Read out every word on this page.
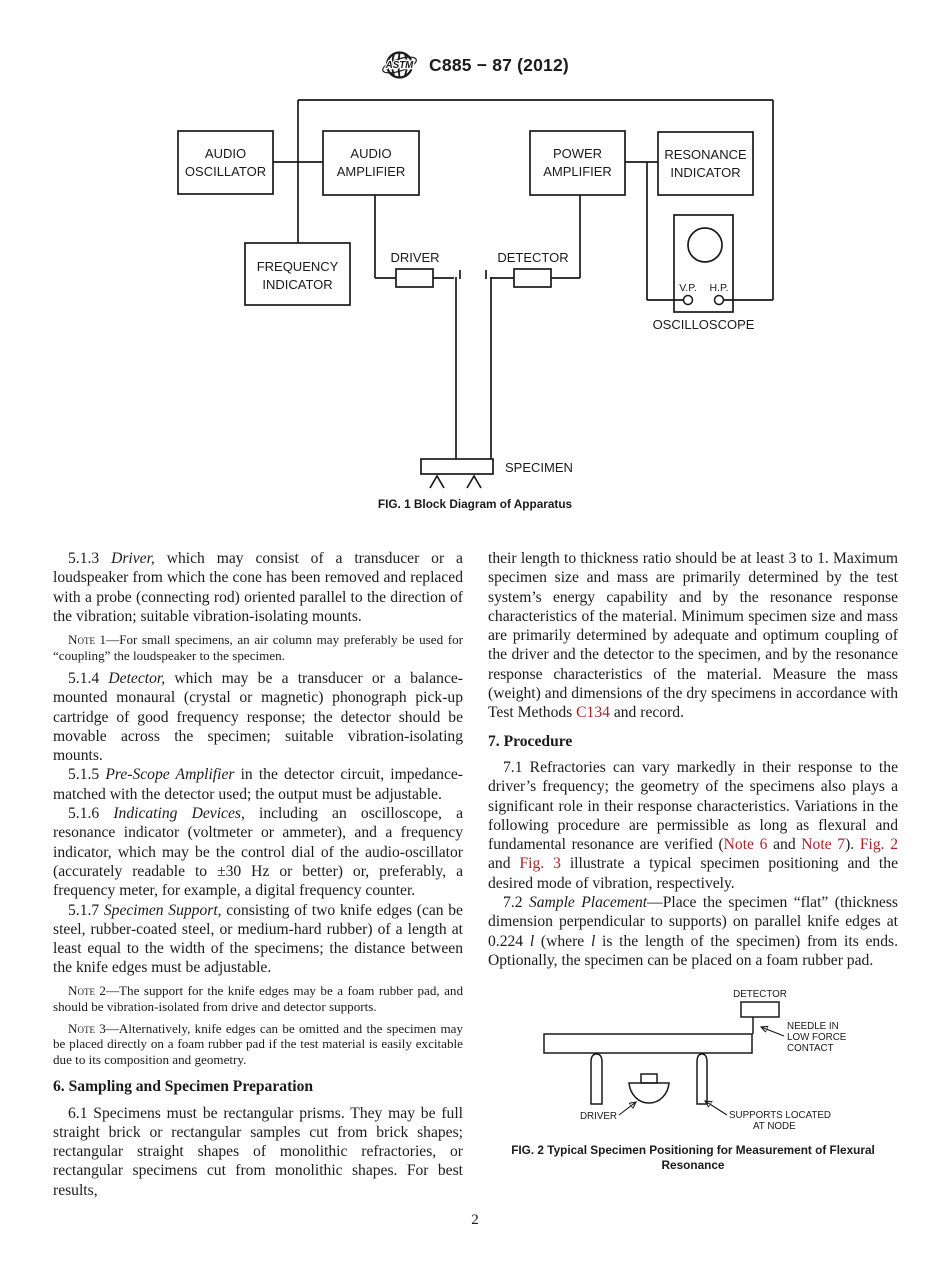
ASTM C885 − 87 (2012)
AUDIO
OSCILLATOR
AUDIO
AMPLIFIER
POWER
AMPLIFIER
RESONANCE
INDICATOR
FREQUENCY
INDICATOR
DRIVER	DETECTOR
V.P. H.P.
OSCILLOSCOPE
SPECIMEN
FIG. 1 Block Diagram of Apparatus

5.1.3 Driver, which may consist of a transducer or a loudspeaker from which the cone has been removed and replaced with a probe (connecting rod) oriented parallel to the direction of the vibration; suitable vibration-isolating mounts.

Note 1—For small specimens, an air column may preferably be used for “coupling” the loudspeaker to the specimen.

5.1.4 Detector, which may be a transducer or a balance-mounted monaural (crystal or magnetic) phonograph pick-up cartridge of good frequency response; the detector should be movable across the specimen; suitable vibration-isolating mounts.

5.1.5 Pre-Scope Amplifier in the detector circuit, impedance-matched with the detector used; the output must be adjustable.

5.1.6 Indicating Devices, including an oscilloscope, a resonance indicator (voltmeter or ammeter), and a frequency indicator, which may be the control dial of the audio-oscillator (accurately readable to ±30 Hz or better) or, preferably, a frequency meter, for example, a digital frequency counter.

5.1.7 Specimen Support, consisting of two knife edges (can be steel, rubber-coated steel, or medium-hard rubber) of a length at least equal to the width of the specimens; the distance between the knife edges must be adjustable.

Note 2—The support for the knife edges may be a foam rubber pad, and should be vibration-isolated from drive and detector supports.

Note 3—Alternatively, knife edges can be omitted and the specimen may be placed directly on a foam rubber pad if the test material is easily excitable due to its composition and geometry.

6. Sampling and Specimen Preparation

6.1 Specimens must be rectangular prisms. They may be full straight brick or rectangular samples cut from brick shapes; rectangular straight shapes of monolithic refractories, or rectangular specimens cut from monolithic shapes. For best results,

their length to thickness ratio should be at least 3 to 1. Maximum specimen size and mass are primarily determined by the test system’s energy capability and by the resonance response characteristics of the material. Minimum specimen size and mass are primarily determined by adequate and optimum coupling of the driver and the detector to the specimen, and by the resonance response characteristics of the material. Measure the mass (weight) and dimensions of the dry specimens in accordance with Test Methods C134 and record.

7. Procedure

7.1 Refractories can vary markedly in their response to the driver’s frequency; the geometry of the specimens also plays a significant role in their response characteristics. Variations in the following procedure are permissible as long as flexural and fundamental resonance are verified (Note 6 and Note 7). Fig. 2 and Fig. 3 illustrate a typical specimen positioning and the desired mode of vibration, respectively.

7.2 Sample Placement—Place the specimen “flat” (thickness dimension perpendicular to supports) on parallel knife edges at 0.224 l (where l is the length of the specimen) from its ends. Optionally, the specimen can be placed on a foam rubber pad.

DETECTOR
NEEDLE IN
LOW FORCE
CONTACT
DRIVER	SUPPORTS LOCATED
AT NODE

FIG. 2 Typical Specimen Positioning for Measurement of Flexural
Resonance

2
